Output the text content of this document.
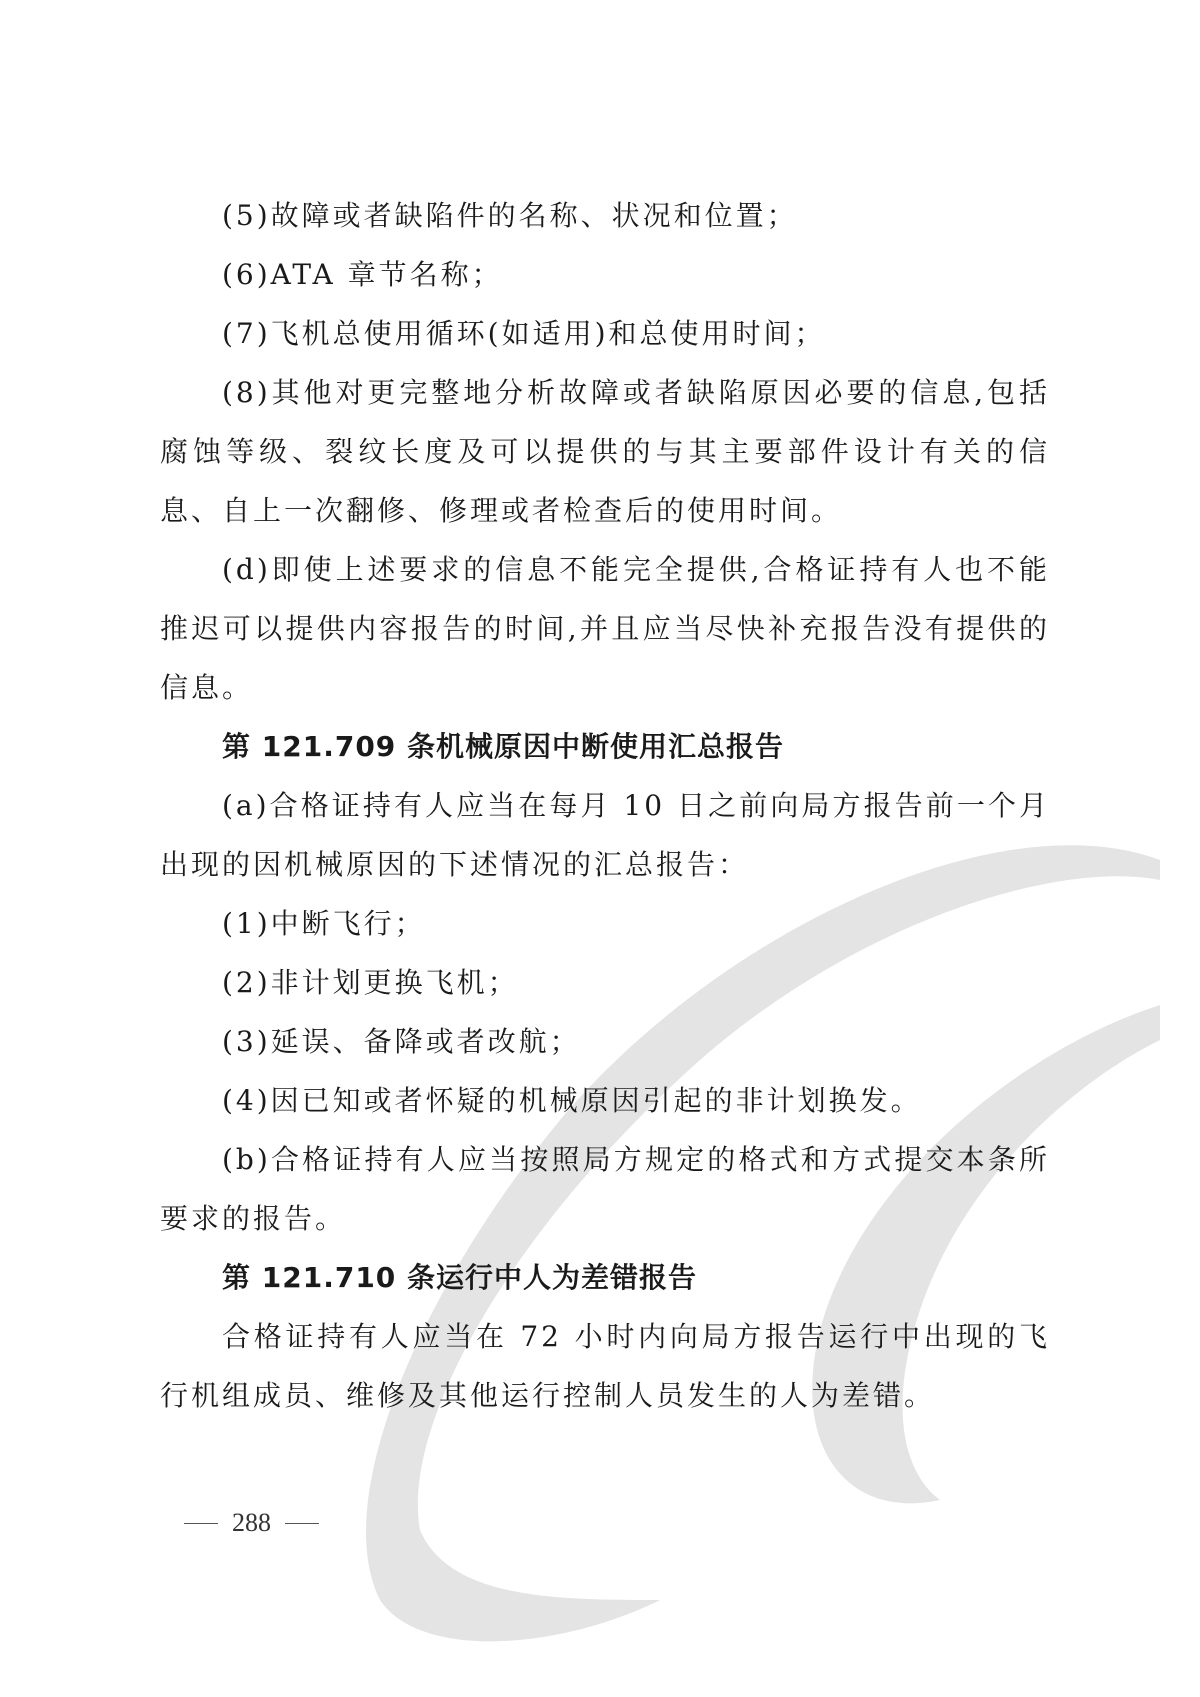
(5)故障或者缺陷件的名称、状况和位置；

(6)ATA 章节名称；

(7)飞机总使用循环(如适用)和总使用时间；

(8)其他对更完整地分析故障或者缺陷原因必要的信息,包括腐蚀等级、裂纹长度及可以提供的与其主要部件设计有关的信息、自上一次翻修、修理或者检查后的使用时间。

(d)即使上述要求的信息不能完全提供,合格证持有人也不能推迟可以提供内容报告的时间,并且应当尽快补充报告没有提供的信息。

第 121.709 条机械原因中断使用汇总报告

(a)合格证持有人应当在每月 10 日之前向局方报告前一个月出现的因机械原因的下述情况的汇总报告：

(1)中断飞行；

(2)非计划更换飞机；

(3)延误、备降或者改航；

(4)因已知或者怀疑的机械原因引起的非计划换发。

(b)合格证持有人应当按照局方规定的格式和方式提交本条所要求的报告。

第 121.710 条运行中人为差错报告

合格证持有人应当在 72 小时内向局方报告运行中出现的飞行机组成员、维修及其他运行控制人员发生的人为差错。

288
